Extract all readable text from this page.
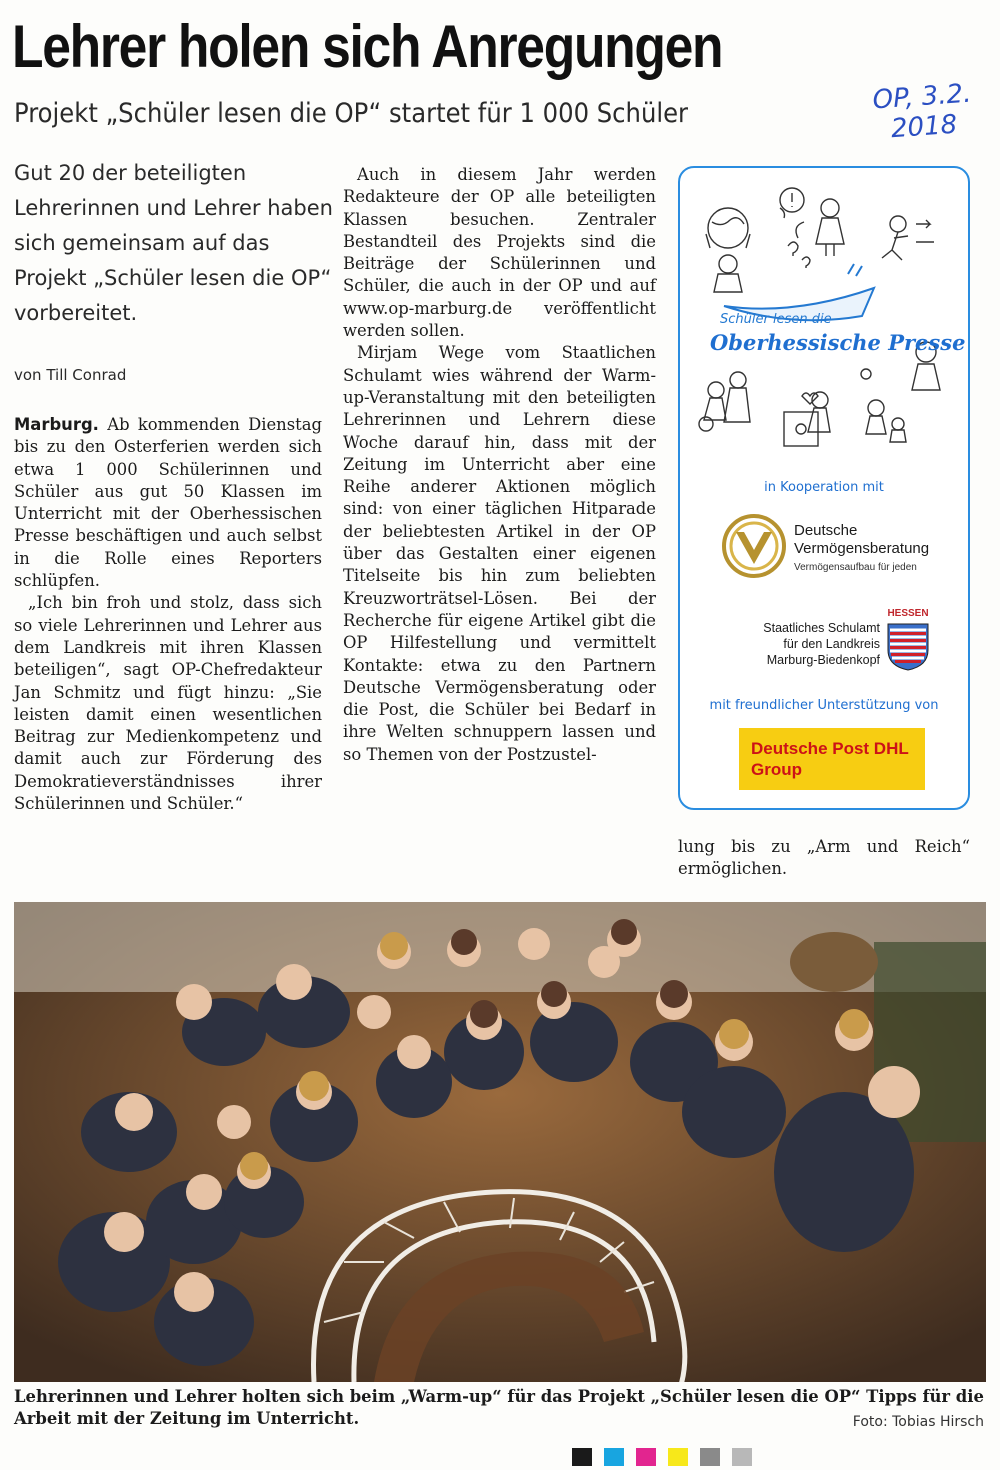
Lehrer holen sich Anregungen
Projekt „Schüler lesen die OP“ startet für 1 000 Schüler	OP, 3.2.
2018
Gut 20 der beteiligten Lehrerinnen und Lehrer haben sich gemeinsam auf das Projekt „Schüler lesen die OP“ vorbereitet.
von Till Conrad

Marburg. Ab kommenden Dienstag bis zu den Osterferien werden sich etwa 1 000 Schülerinnen und Schüler aus gut 50 Klassen im Unterricht mit der Oberhessischen Presse beschäftigen und auch selbst in die Rolle eines Reporters schlüpfen.

„Ich bin froh und stolz, dass sich so viele Lehrerinnen und Lehrer aus dem Landkreis mit ihren Klassen beteiligen“, sagt OP-Chefredakteur Jan Schmitz und fügt hinzu: „Sie leisten damit einen wesentlichen Beitrag zur Medienkompetenz und damit auch zur Förderung des Demokratieverständnisses ihrer Schülerinnen und Schüler.“

Auch in diesem Jahr werden Redakteure der OP alle beteiligten Klassen besuchen. Zentraler Bestandteil des Projekts sind die Beiträge der Schülerinnen und Schüler, die auch in der OP und auf www.op-marburg.de veröffentlicht werden sollen.

Mirjam Wege vom Staatlichen Schulamt wies während der Warm-up-Veranstaltung mit den beteiligten Lehrerinnen und Lehrern diese Woche darauf hin, dass mit der Zeitung im Unterricht aber eine Reihe anderer Aktionen möglich sind: von einer täglichen Hitparade der beliebtesten Artikel in der OP über das Gestalten einer eigenen Titelseite bis hin zum beliebten Kreuzworträtsel-Lösen. Bei der Recherche für eigene Artikel gibt die OP Hilfestellung und vermittelt Kontakte: etwa zu den Partnern Deutsche Vermögensberatung oder die Post, die Schüler bei Bedarf in ihre Welten schnuppern lassen und so Themen von der Postzustel-

lung bis zu „Arm und Reich“ ermöglichen.
Schüler lesen die
Oberhessische Presse
in Kooperation mit
Deutsche
Vermögensberatung
Vermögensaufbau für jeden
Staatliches Schulamt
für den Landkreis
Marburg-Biedenkopf
HESSEN
mit freundlicher Unterstützung von
Deutsche Post DHL
Group
Lehrerinnen und Lehrer holten sich beim „Warm-up“ für das Projekt „Schüler lesen die OP“ Tipps für die Arbeit mit der Zeitung im Unterricht.	Foto: Tobias Hirsch
